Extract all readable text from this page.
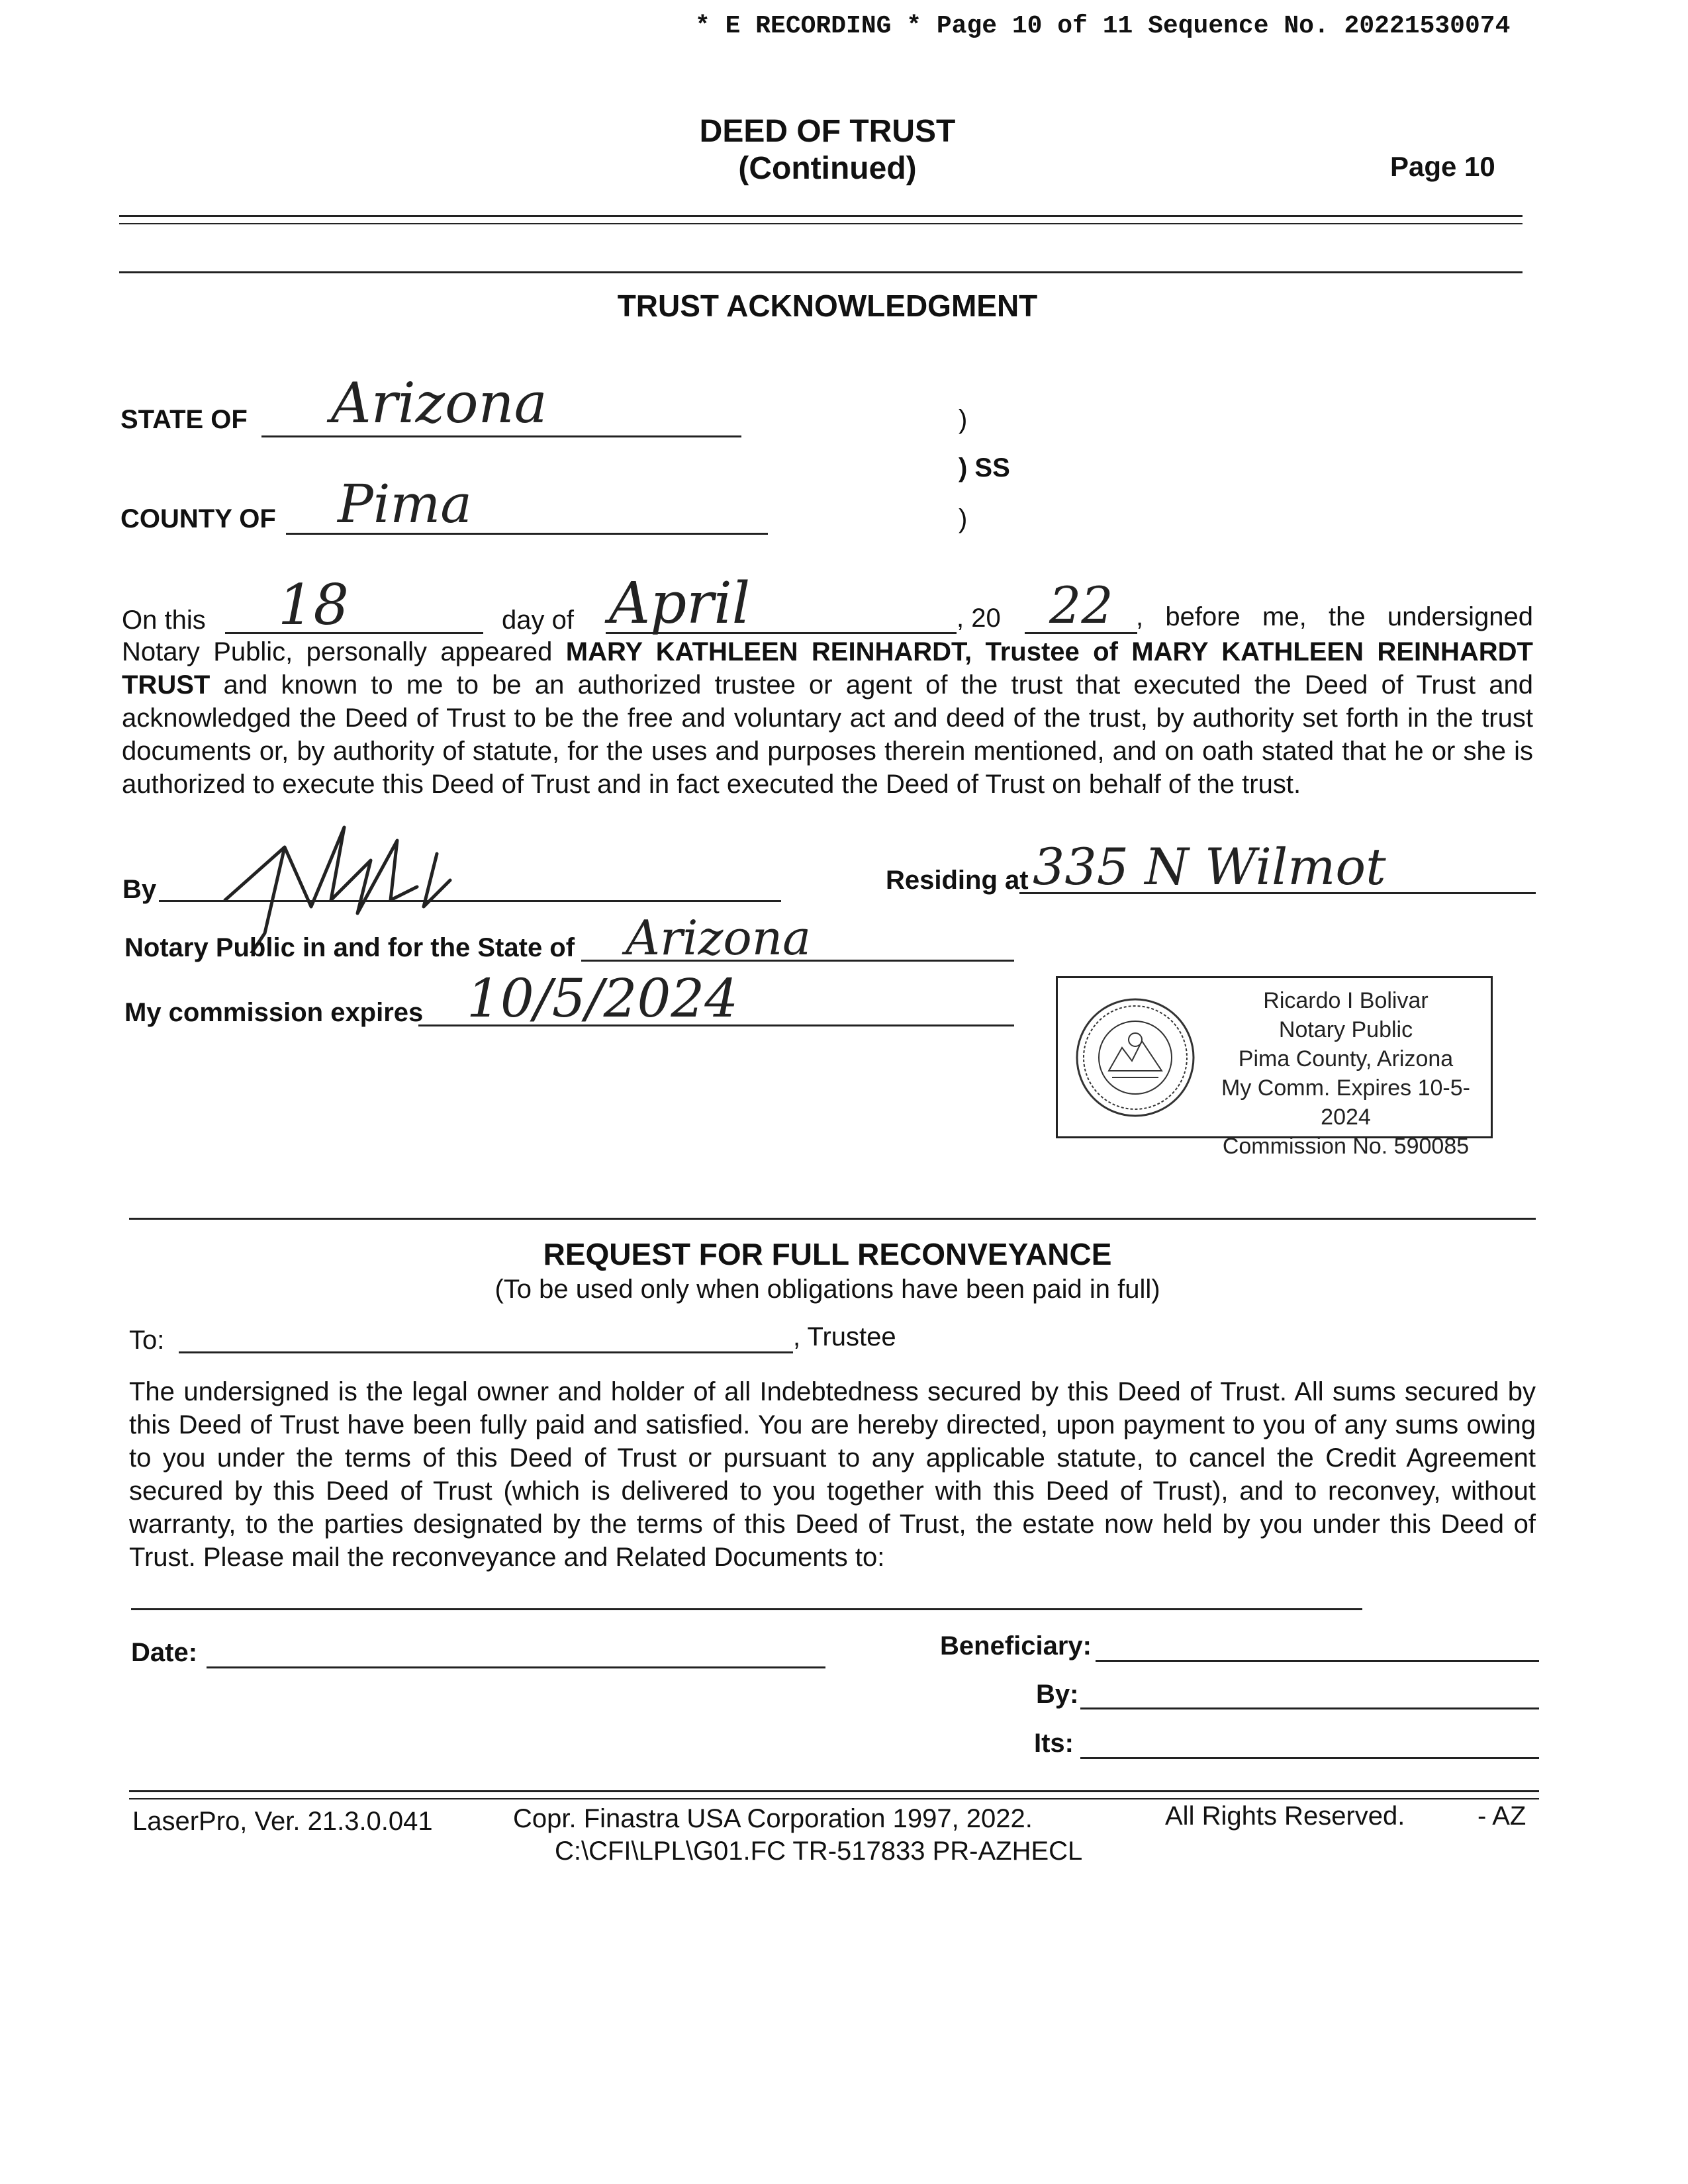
* E RECORDING * Page 10 of 11 Sequence No. 20221530074
DEED OF TRUST
(Continued)	Page 10
TRUST ACKNOWLEDGMENT
STATE OF Arizona
COUNTY OF Pima
)
) SS
)
On this 18	day of April	, 20 22 , before me, the undersigned
Notary Public, personally appeared MARY KATHLEEN REINHARDT, Trustee of MARY KATHLEEN REINHARDT TRUST and known to me to be an authorized trustee or agent of the trust that executed the Deed of Trust and acknowledged the Deed of Trust to be the free and voluntary act and deed of the trust, by authority set forth in the trust documents or, by authority of statute, for the uses and purposes therein mentioned, and on oath stated that he or she is authorized to execute this Deed of Trust and in fact executed the Deed of Trust on behalf of the trust.
By	Residing at 335 N Wilmot
Notary Public in and for the State of Arizona
My commission expires 10/5/2024	Ricardo I Bolivar
Notary Public
Pima County, Arizona
My Comm. Expires 10-5-2024
Commission No. 590085
REQUEST FOR FULL RECONVEYANCE
(To be used only when obligations have been paid in full)
To:	, Trustee
The undersigned is the legal owner and holder of all Indebtedness secured by this Deed of Trust. All sums secured by this Deed of Trust have been fully paid and satisfied. You are hereby directed, upon payment to you of any sums owing to you under the terms of this Deed of Trust or pursuant to any applicable statute, to cancel the Credit Agreement secured by this Deed of Trust (which is delivered to you together with this Deed of Trust), and to reconvey, without warranty, to the parties designated by the terms of this Deed of Trust, the estate now held by you under this Deed of Trust. Please mail the reconveyance and Related Documents to:
Date:	Beneficiary:
By:
Its:
LaserPro, Ver. 21.3.0.041	Copr. Finastra USA Corporation 1997, 2022.	All Rights Reserved.	- AZ
C:\CFI\LPL\G01.FC TR-517833 PR-AZHECL
